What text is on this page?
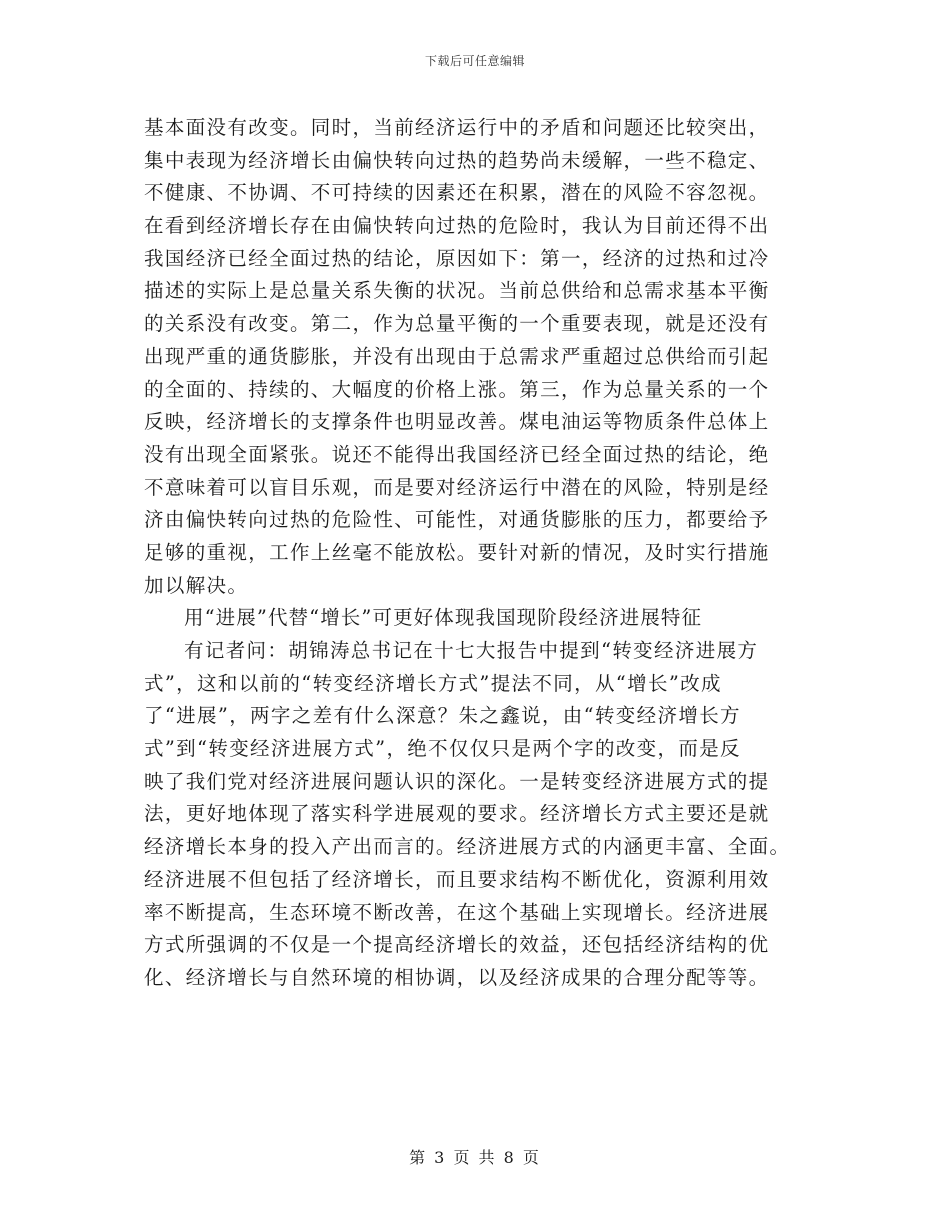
下载后可任意编辑
基本面没有改变。同时，当前经济运行中的矛盾和问题还比较突出，
集中表现为经济增长由偏快转向过热的趋势尚未缓解，一些不稳定、
不健康、不协调、不可持续的因素还在积累，潜在的风险不容忽视。
在看到经济增长存在由偏快转向过热的危险时，我认为目前还得不出
我国经济已经全面过热的结论，原因如下：第一，经济的过热和过冷
描述的实际上是总量关系失衡的状况。当前总供给和总需求基本平衡
的关系没有改变。第二，作为总量平衡的一个重要表现，就是还没有
出现严重的通货膨胀，并没有出现由于总需求严重超过总供给而引起
的全面的、持续的、大幅度的价格上涨。第三，作为总量关系的一个
反映，经济增长的支撑条件也明显改善。煤电油运等物质条件总体上
没有出现全面紧张。说还不能得出我国经济已经全面过热的结论，绝
不意味着可以盲目乐观，而是要对经济运行中潜在的风险，特别是经
济由偏快转向过热的危险性、可能性，对通货膨胀的压力，都要给予
足够的重视，工作上丝毫不能放松。要针对新的情况，及时实行措施
加以解决。
用“进展”代替“增长”可更好体现我国现阶段经济进展特征
有记者问：胡锦涛总书记在十七大报告中提到“转变经济进展方
式”，这和以前的“转变经济增长方式”提法不同，从“增长”改成
了“进展”，两字之差有什么深意？朱之鑫说，由“转变经济增长方
式”到“转变经济进展方式”，绝不仅仅只是两个字的改变，而是反
映了我们党对经济进展问题认识的深化。一是转变经济进展方式的提
法，更好地体现了落实科学进展观的要求。经济增长方式主要还是就
经济增长本身的投入产出而言的。经济进展方式的内涵更丰富、全面。
经济进展不但包括了经济增长，而且要求结构不断优化，资源利用效
率不断提高，生态环境不断改善，在这个基础上实现增长。经济进展
方式所强调的不仅是一个提高经济增长的效益，还包括经济结构的优
化、经济增长与自然环境的相协调，以及经济成果的合理分配等等。
第 3 页 共 8 页
